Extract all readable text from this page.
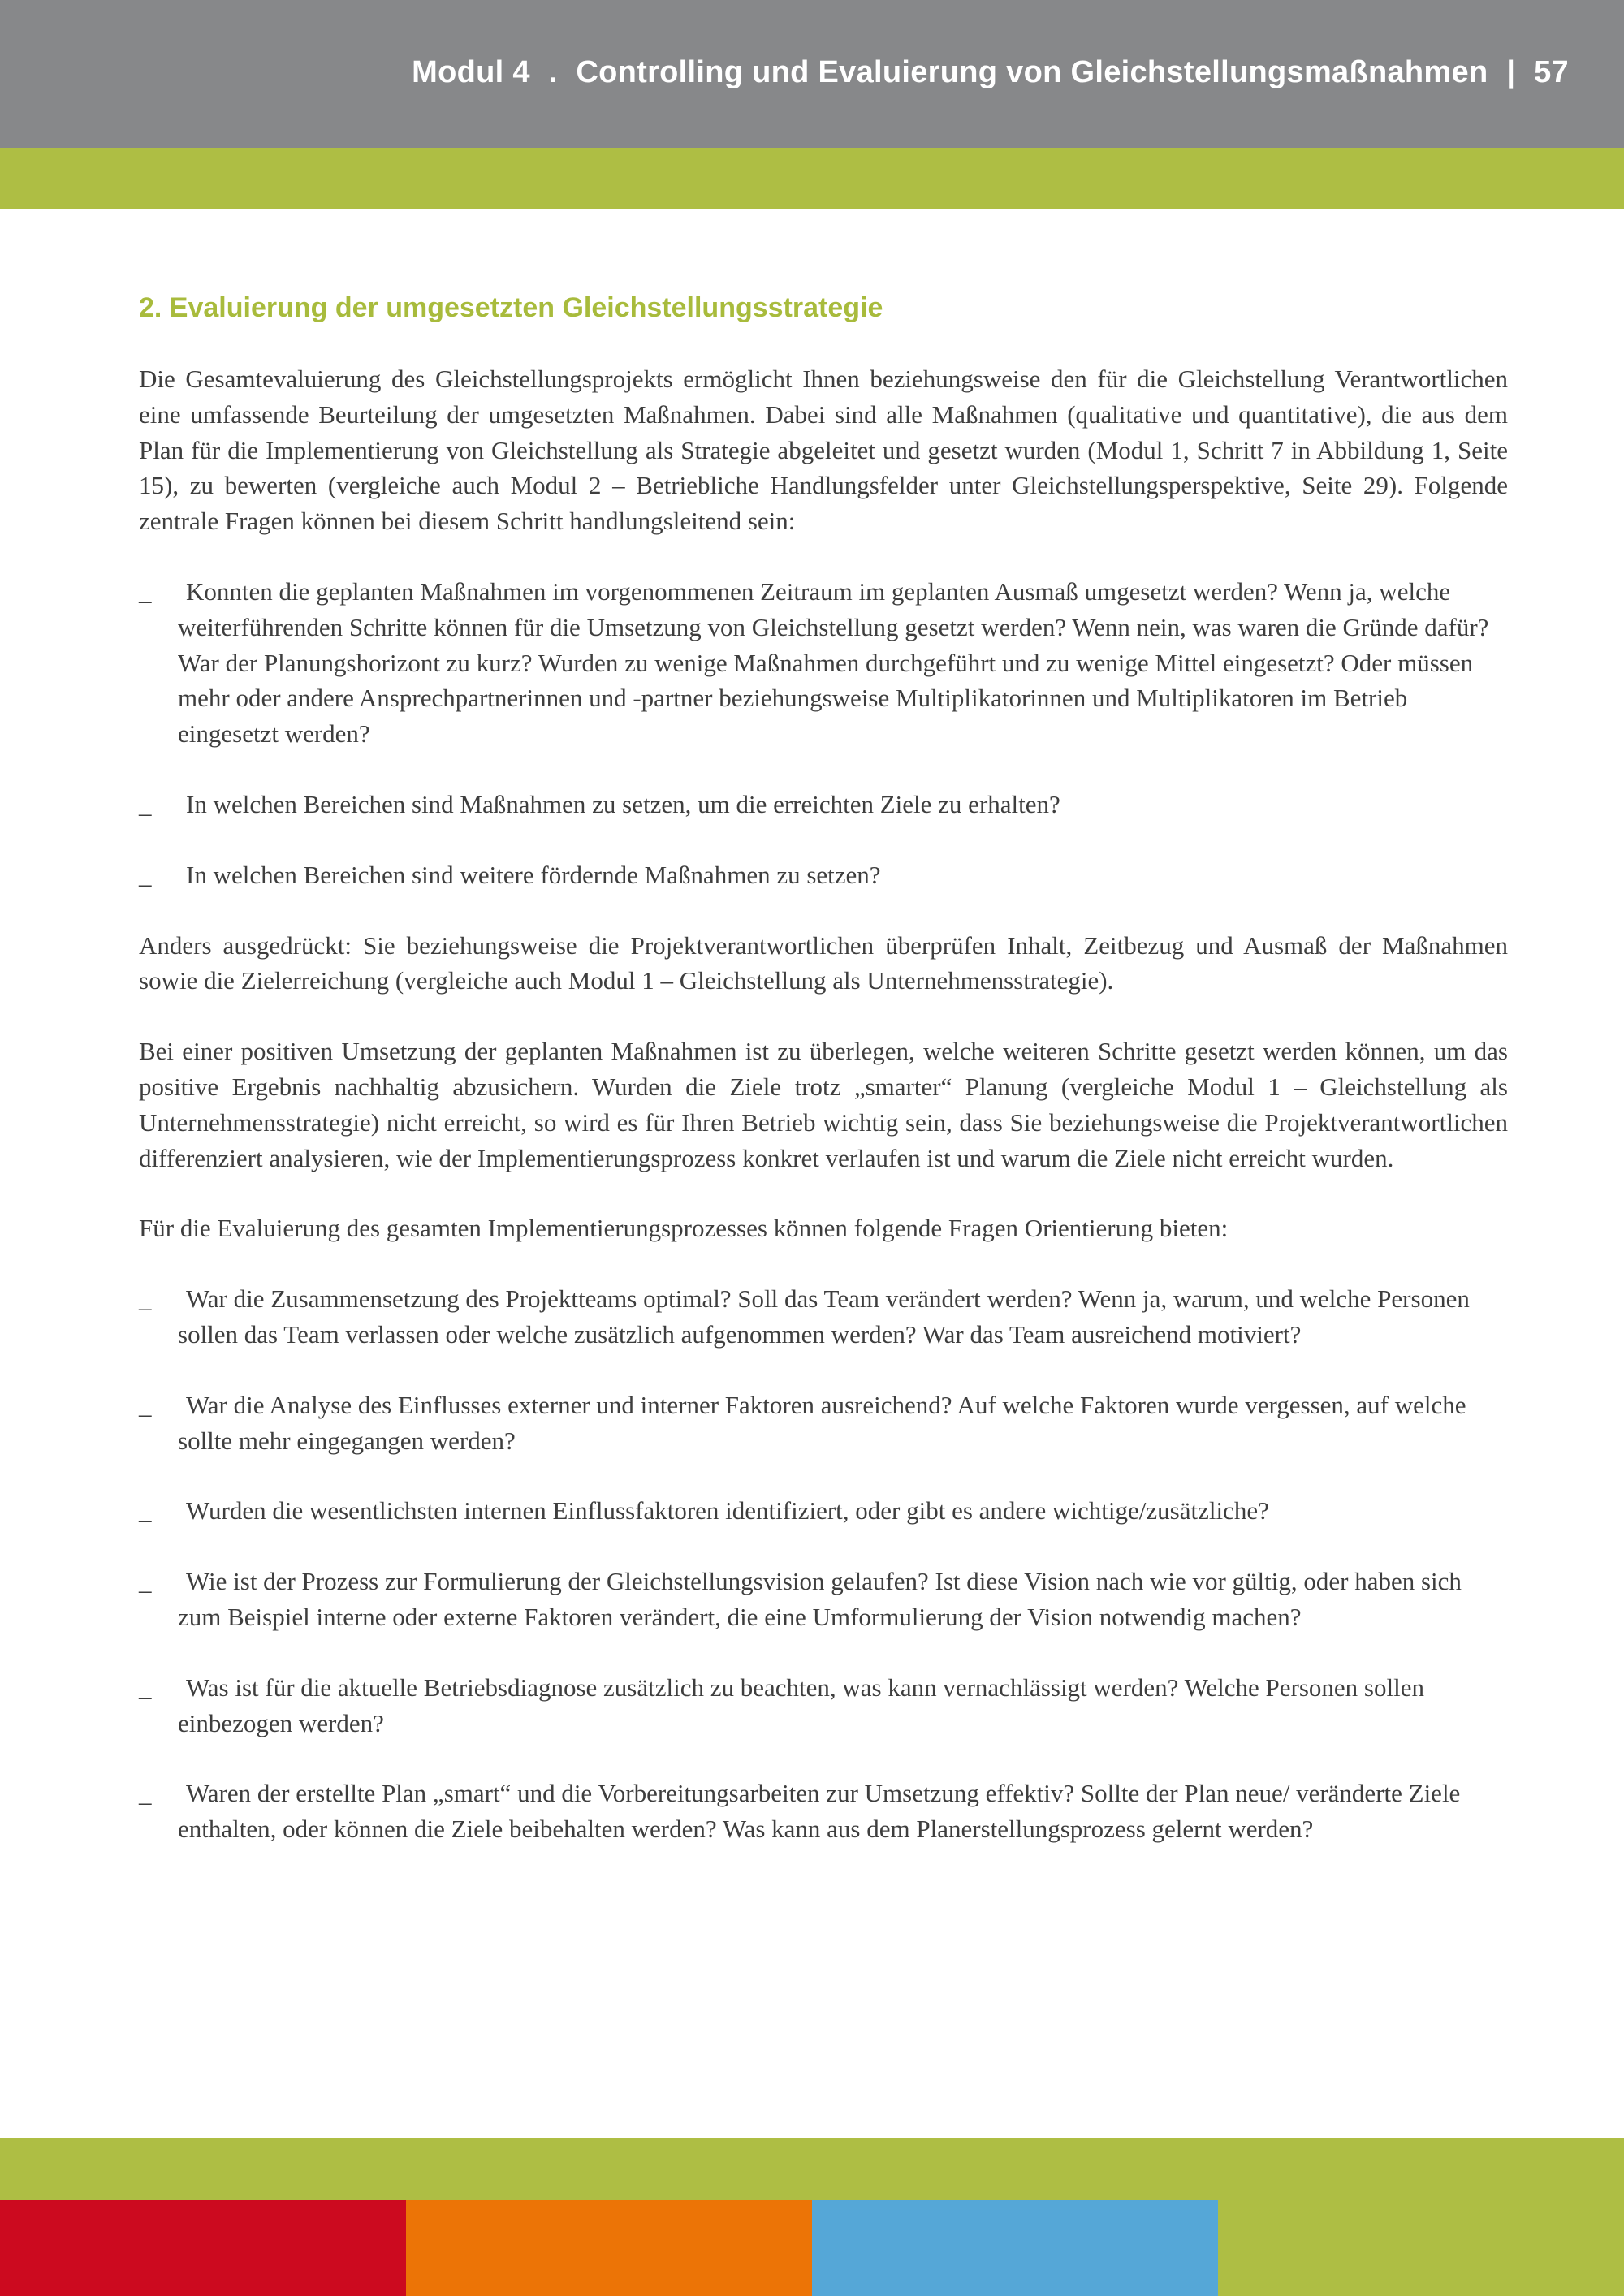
Modul 4 . Controlling und Evaluierung von Gleichstellungsmaßnahmen | 57
2. Evaluierung der umgesetzten Gleichstellungsstrategie

Die Gesamtevaluierung des Gleichstellungsprojekts ermöglicht Ihnen beziehungsweise den für die Gleichstellung Verantwortlichen eine umfassende Beurteilung der umgesetzten Maßnahmen. Dabei sind alle Maßnahmen (qualitative und quantitative), die aus dem Plan für die Implementierung von Gleichstellung als Strategie abgeleitet und gesetzt wurden (Modul 1, Schritt 7 in Abbildung 1, Seite 15), zu bewerten (vergleiche auch Modul 2 – Betriebliche Handlungsfelder unter Gleichstellungsperspektive, Seite 29). Folgende zentrale Fragen können bei diesem Schritt handlungsleitend sein:

_	Konnten die geplanten Maßnahmen im vorgenommenen Zeitraum im geplanten Ausmaß umgesetzt werden? Wenn ja, welche weiterführenden Schritte können für die Umsetzung von Gleichstellung gesetzt werden? Wenn nein, was waren die Gründe dafür? War der Planungshorizont zu kurz? Wurden zu wenige Maßnahmen durchgeführt und zu wenige Mittel eingesetzt? Oder müssen mehr oder andere Ansprechpartnerinnen und -partner beziehungsweise Multiplikatorinnen und Multiplikatoren im Betrieb eingesetzt werden?
_	In welchen Bereichen sind Maßnahmen zu setzen, um die erreichten Ziele zu erhalten?
_	In welchen Bereichen sind weitere fördernde Maßnahmen zu setzen?

Anders ausgedrückt: Sie beziehungsweise die Projektverantwortlichen überprüfen Inhalt, Zeitbezug und Ausmaß der Maßnahmen sowie die Zielerreichung (vergleiche auch Modul 1 – Gleichstellung als Unternehmensstrategie).

Bei einer positiven Umsetzung der geplanten Maßnahmen ist zu überlegen, welche weiteren Schritte gesetzt werden können, um das positive Ergebnis nachhaltig abzusichern. Wurden die Ziele trotz „smarter“ Planung (vergleiche Modul 1 – Gleichstellung als Unternehmensstrategie) nicht erreicht, so wird es für Ihren Betrieb wichtig sein, dass Sie beziehungsweise die Projektverantwortlichen differenziert analysieren, wie der Implementierungsprozess konkret verlaufen ist und warum die Ziele nicht erreicht wurden.

Für die Evaluierung des gesamten Implementierungsprozesses können folgende Fragen Orientierung bieten:

_	War die Zusammensetzung des Projektteams optimal? Soll das Team verändert werden? Wenn ja, warum, und welche Personen sollen das Team verlassen oder welche zusätzlich aufgenommen werden? War das Team ausreichend motiviert?
_	War die Analyse des Einflusses externer und interner Faktoren ausreichend? Auf welche Faktoren wurde vergessen, auf welche sollte mehr eingegangen werden?
_	Wurden die wesentlichsten internen Einflussfaktoren identifiziert, oder gibt es andere wichtige/zusätzliche?
_	Wie ist der Prozess zur Formulierung der Gleichstellungsvision gelaufen? Ist diese Vision nach wie vor gültig, oder haben sich zum Beispiel interne oder externe Faktoren verändert, die eine Umformulierung der Vision notwendig machen?
_	Was ist für die aktuelle Betriebsdiagnose zusätzlich zu beachten, was kann vernachlässigt werden? Welche Personen sollen einbezogen werden?
_	Waren der erstellte Plan „smart“ und die Vorbereitungsarbeiten zur Umsetzung effektiv? Sollte der Plan neue/ veränderte Ziele enthalten, oder können die Ziele beibehalten werden? Was kann aus dem Planerstellungsprozess gelernt werden?
